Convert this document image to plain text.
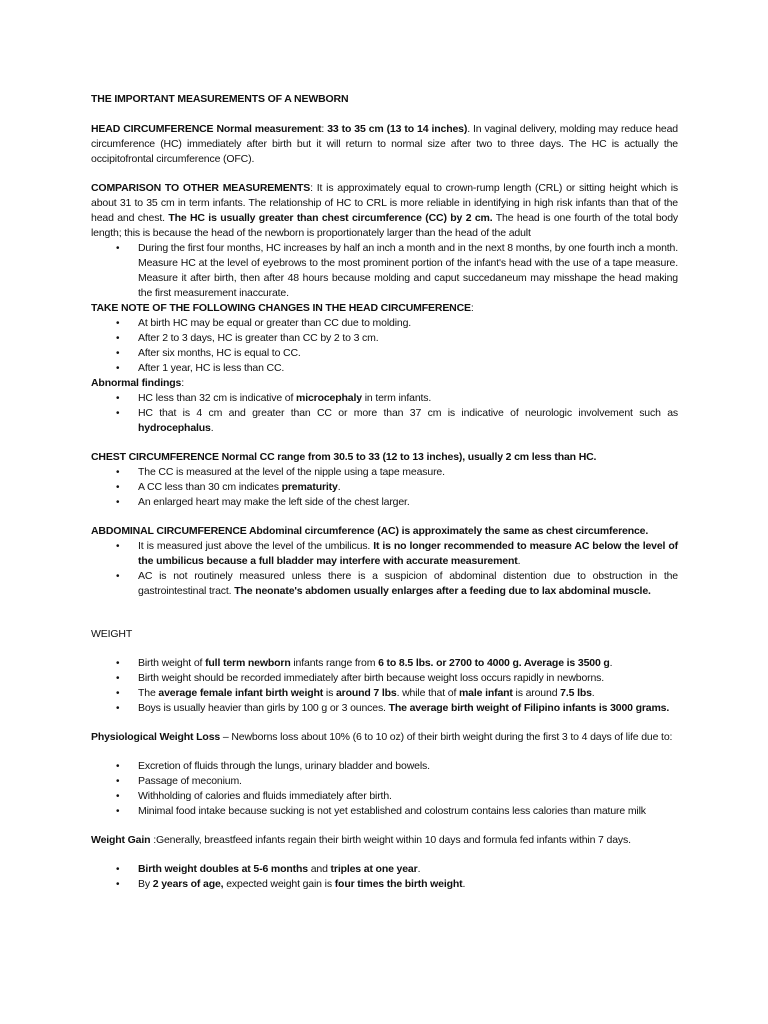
THE IMPORTANT MEASUREMENTS OF A NEWBORN

HEAD CIRCUMFERENCE Normal measurement: 33 to 35 cm (13 to 14 inches). In vaginal delivery, molding may reduce head circumference (HC) immediately after birth but it will return to normal size after two to three days. The HC is actually the occipitofrontal circumference (OFC).

COMPARISON TO OTHER MEASUREMENTS: It is approximately equal to crown-rump length (CRL) or sitting height which is about 31 to 35 cm in term infants. The relationship of HC to CRL is more reliable in identifying in high risk infants than that of the head and chest. The HC is usually greater than chest circumference (CC) by 2 cm. The head is one fourth of the total body length; this is because the head of the newborn is proportionately larger than the head of the adult

• During the first four months, HC increases by half an inch a month and in the next 8 months, by one fourth inch a month. Measure HC at the level of eyebrows to the most prominent portion of the infant's head with the use of a tape measure. Measure it after birth, then after 48 hours because molding and caput succedaneum may misshape the head making the first measurement inaccurate.

TAKE NOTE OF THE FOLLOWING CHANGES IN THE HEAD CIRCUMFERENCE:

• At birth HC may be equal or greater than CC due to molding.
• After 2 to 3 days, HC is greater than CC by 2 to 3 cm.
• After six months, HC is equal to CC.
• After 1 year, HC is less than CC.

Abnormal findings:

• HC less than 32 cm is indicative of microcephaly in term infants.
• HC that is 4 cm and greater than CC or more than 37 cm is indicative of neurologic involvement such as hydrocephalus.

CHEST CIRCUMFERENCE Normal CC range from 30.5 to 33 (12 to 13 inches), usually 2 cm less than HC.

• The CC is measured at the level of the nipple using a tape measure.
• A CC less than 30 cm indicates prematurity.
• An enlarged heart may make the left side of the chest larger.

ABDOMINAL CIRCUMFERENCE Abdominal circumference (AC) is approximately the same as chest circumference.

• It is measured just above the level of the umbilicus. It is no longer recommended to measure AC below the level of the umbilicus because a full bladder may interfere with accurate measurement.
• AC is not routinely measured unless there is a suspicion of abdominal distention due to obstruction in the gastrointestinal tract. The neonate's abdomen usually enlarges after a feeding due to lax abdominal muscle.

WEIGHT

• Birth weight of full term newborn infants range from 6 to 8.5 lbs. or 2700 to 4000 g. Average is 3500 g.
• Birth weight should be recorded immediately after birth because weight loss occurs rapidly in newborns.
• The average female infant birth weight is around 7 lbs. while that of male infant is around 7.5 lbs.
• Boys is usually heavier than girls by 100 g or 3 ounces. The average birth weight of Filipino infants is 3000 grams.

Physiological Weight Loss – Newborns loss about 10% (6 to 10 oz) of their birth weight during the first 3 to 4 days of life due to:

• Excretion of fluids through the lungs, urinary bladder and bowels.
• Passage of meconium.
• Withholding of calories and fluids immediately after birth.
• Minimal food intake because sucking is not yet established and colostrum contains less calories than mature milk

Weight Gain :Generally, breastfeed infants regain their birth weight within 10 days and formula fed infants within 7 days.

• Birth weight doubles at 5-6 months and triples at one year.
• By 2 years of age, expected weight gain is four times the birth weight.
